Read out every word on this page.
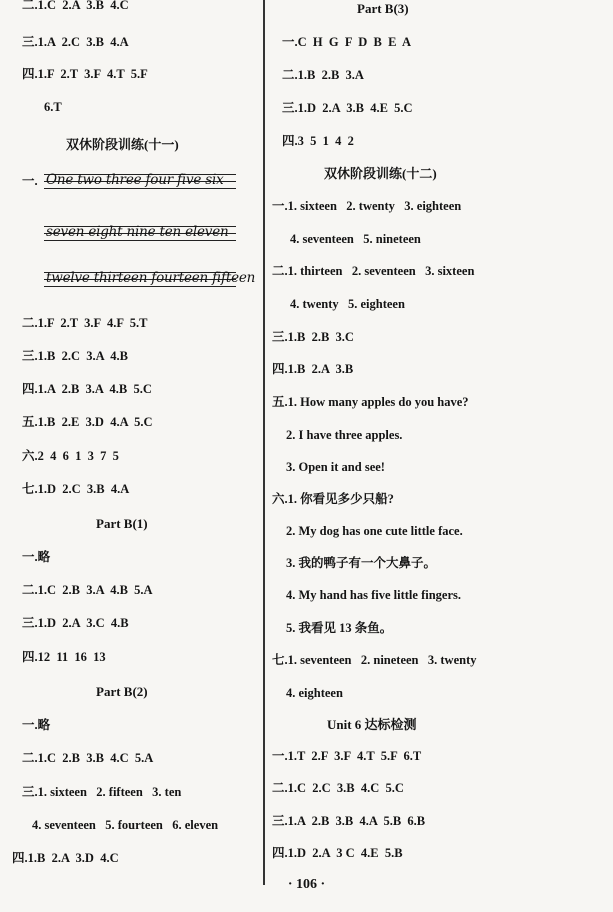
二.1.C  2.A  3.B  4.C
三.1.A  2.C  3.B  4.A
四.1.F  2.T  3.F  4.T  5.F
6.T
双休阶段训练(十一)
一. One two three four five six
seven eight nine ten eleven
twelve thirteen fourteen fifteen
二.1.F  2.T  3.F  4.F  5.T
三.1.B  2.C  3.A  4.B
四.1.A  2.B  3.A  4.B  5.C
五.1.B  2.E  3.D  4.A  5.C
六.2  4  6  1  3  7  5
七.1.D  2.C  3.B  4.A
Part B(1)
一.略
二.1.C  2.B  3.A  4.B  5.A
三.1.D  2.A  3.C  4.B
四.12  11  16  13
Part B(2)
一.略
二.1.C  2.B  3.B  4.C  5.A
三.1. sixteen   2. fifteen   3. ten
4. seventeen   5. fourteen   6. eleven
四.1.B  2.A  3.D  4.C
Part B(3)
一.C  H  G  F  D  B  E  A
二.1.B  2.B  3.A
三.1.D  2.A  3.B  4.E  5.C
四.3  5  1  4  2
双休阶段训练(十二)
一.1. sixteen   2. twenty   3. eighteen
4. seventeen   5. nineteen
二.1. thirteen   2. seventeen   3. sixteen
4. twenty   5. eighteen
三.1.B  2.B  3.C
四.1.B  2.A  3.B
五.1. How many apples do you have?
2. I have three apples.
3. Open it and see!
六.1. 你看见多少只船?
2. My dog has one cute little face.
3. 我的鸭子有一个大鼻子。
4. My hand has five little fingers.
5. 我看见 13 条鱼。
七.1. seventeen   2. nineteen   3. twenty
4. eighteen
Unit 6 达标检测
一.1.T  2.F  3.F  4.T  5.F  6.T
二.1.C  2.C  3.B  4.C  5.C
三.1.A  2.B  3.B  4.A  5.B  6.B
四.1.D  2.A  3 C  4.E  5.B
· 106 ·
